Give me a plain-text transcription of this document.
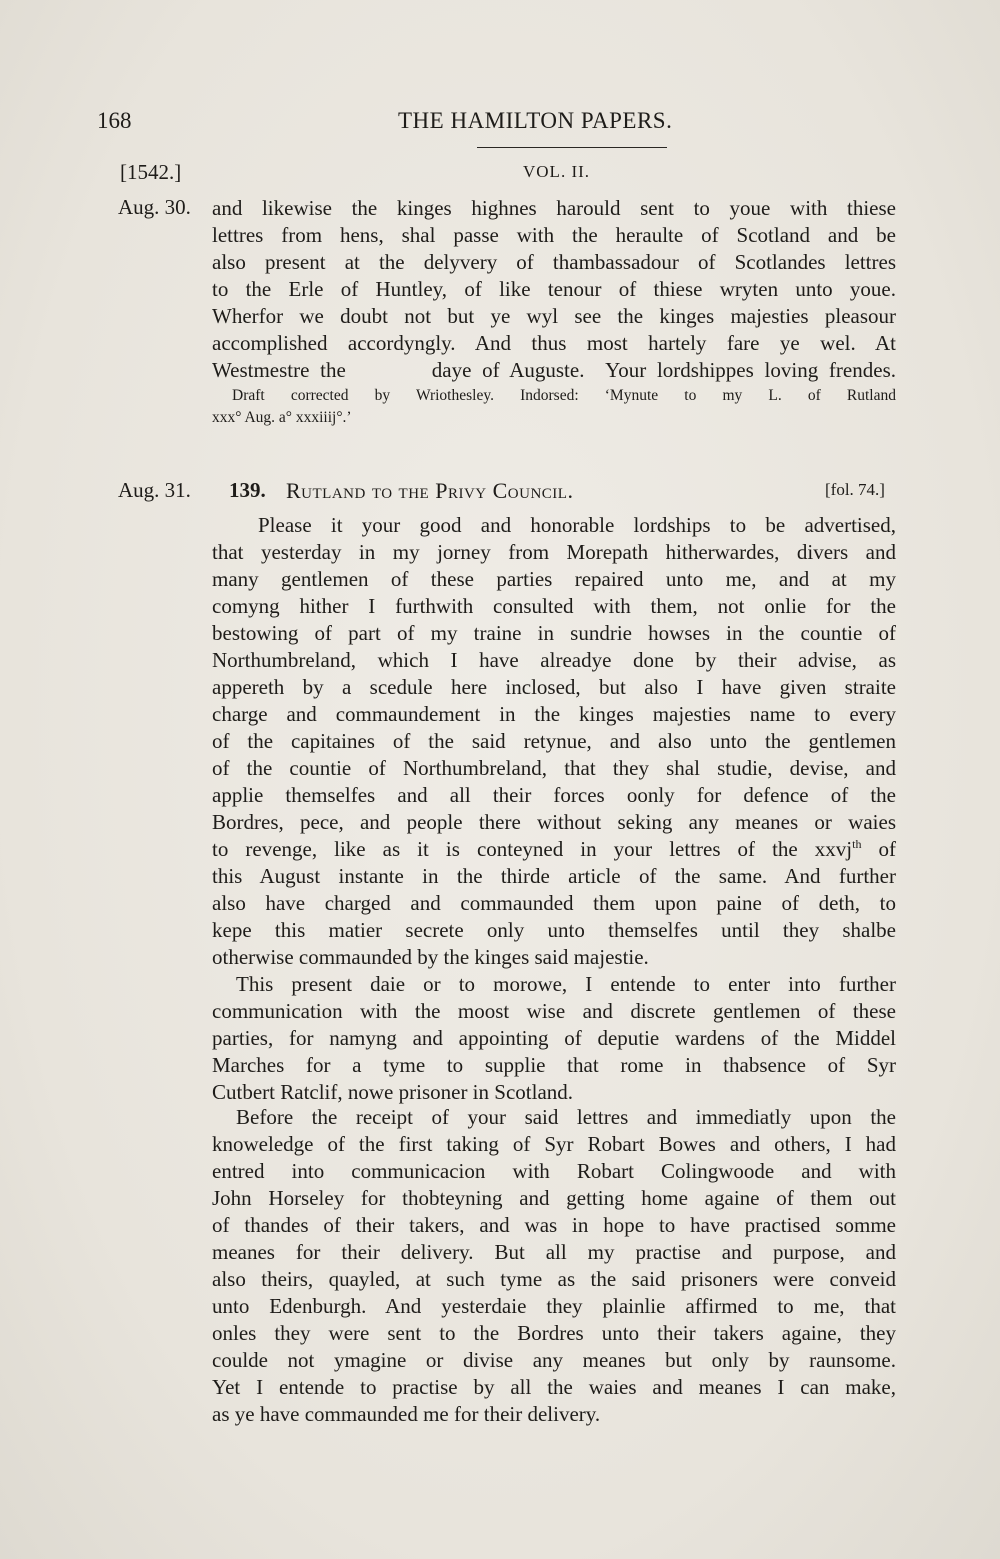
168	THE HAMILTON PAPERS.
[1542.]	VOL. II.
Aug. 30. and likewise the kinges highnes harould sent to youe with thiese
lettres from hens, shal passe with the heraulte of Scotland and be
also present at the delyvery of thambassadour of Scotlandes lettres
to the Erle of Huntley, of like tenour of thiese wryten unto youe.
Wherfor we doubt not but ye wyl see the kinges majesties pleasour
accomplished accordyngly. And thus most hartely fare ye wel. At
Westmestre the        daye of Auguste.  Your lordshippes loving frendes.
Draft corrected by Wriothesley. Indorsed: ‘Mynute to my L. of Rutland
xxx° Aug. a° xxxiiij°.’
Aug. 31. 139. Rutland to the Privy Council.	[fol. 74.]
Please it your good and honorable lordships to be advertised,
that yesterday in my jorney from Morepath hitherwardes, divers and
many gentlemen of these parties repaired unto me, and at my
comyng hither I furthwith consulted with them, not onlie for the
bestowing of part of my traine in sundrie howses in the countie of
Northumbreland, which I have alreadye done by their advise, as
appereth by a scedule here inclosed, but also I have given straite
charge and commaundement in the kinges majesties name to every
of the capitaines of the said retynue, and also unto the gentlemen
of the countie of Northumbreland, that they shal studie, devise, and
applie themselfes and all their forces oonly for defence of the
Bordres, pece, and people there without seking any meanes or waies
to revenge, like as it is conteyned in your lettres of the xxvj$^{th}$ of
this August instante in the thirde article of the same. And further
also have charged and commaunded them upon paine of deth, to
kepe this matier secrete only unto themselfes until they shalbe
otherwise commaunded by the kinges said majestie.
This present daie or to morowe, I entende to enter into further
communication with the moost wise and discrete gentlemen of these
parties, for namyng and appointing of deputie wardens of the Middel
Marches for a tyme to supplie that rome in thabsence of Syr
Cutbert Ratclif, nowe prisoner in Scotland.
Before the receipt of your said lettres and immediatly upon the
knoweledge of the first taking of Syr Robart Bowes and others, I had
entred into communicacion with Robart Colingwoode and with
John Horseley for thobteyning and getting home againe of them out
of thandes of their takers, and was in hope to have practised somme
meanes for their delivery. But all my practise and purpose, and
also theirs, quayled, at such tyme as the said prisoners were conveid
unto Edenburgh. And yesterdaie they plainlie affirmed to me, that
onles they were sent to the Bordres unto their takers againe, they
coulde not ymagine or divise any meanes but only by raunsome.
Yet I entende to practise by all the waies and meanes I can make,
as ye have commaunded me for their delivery.
